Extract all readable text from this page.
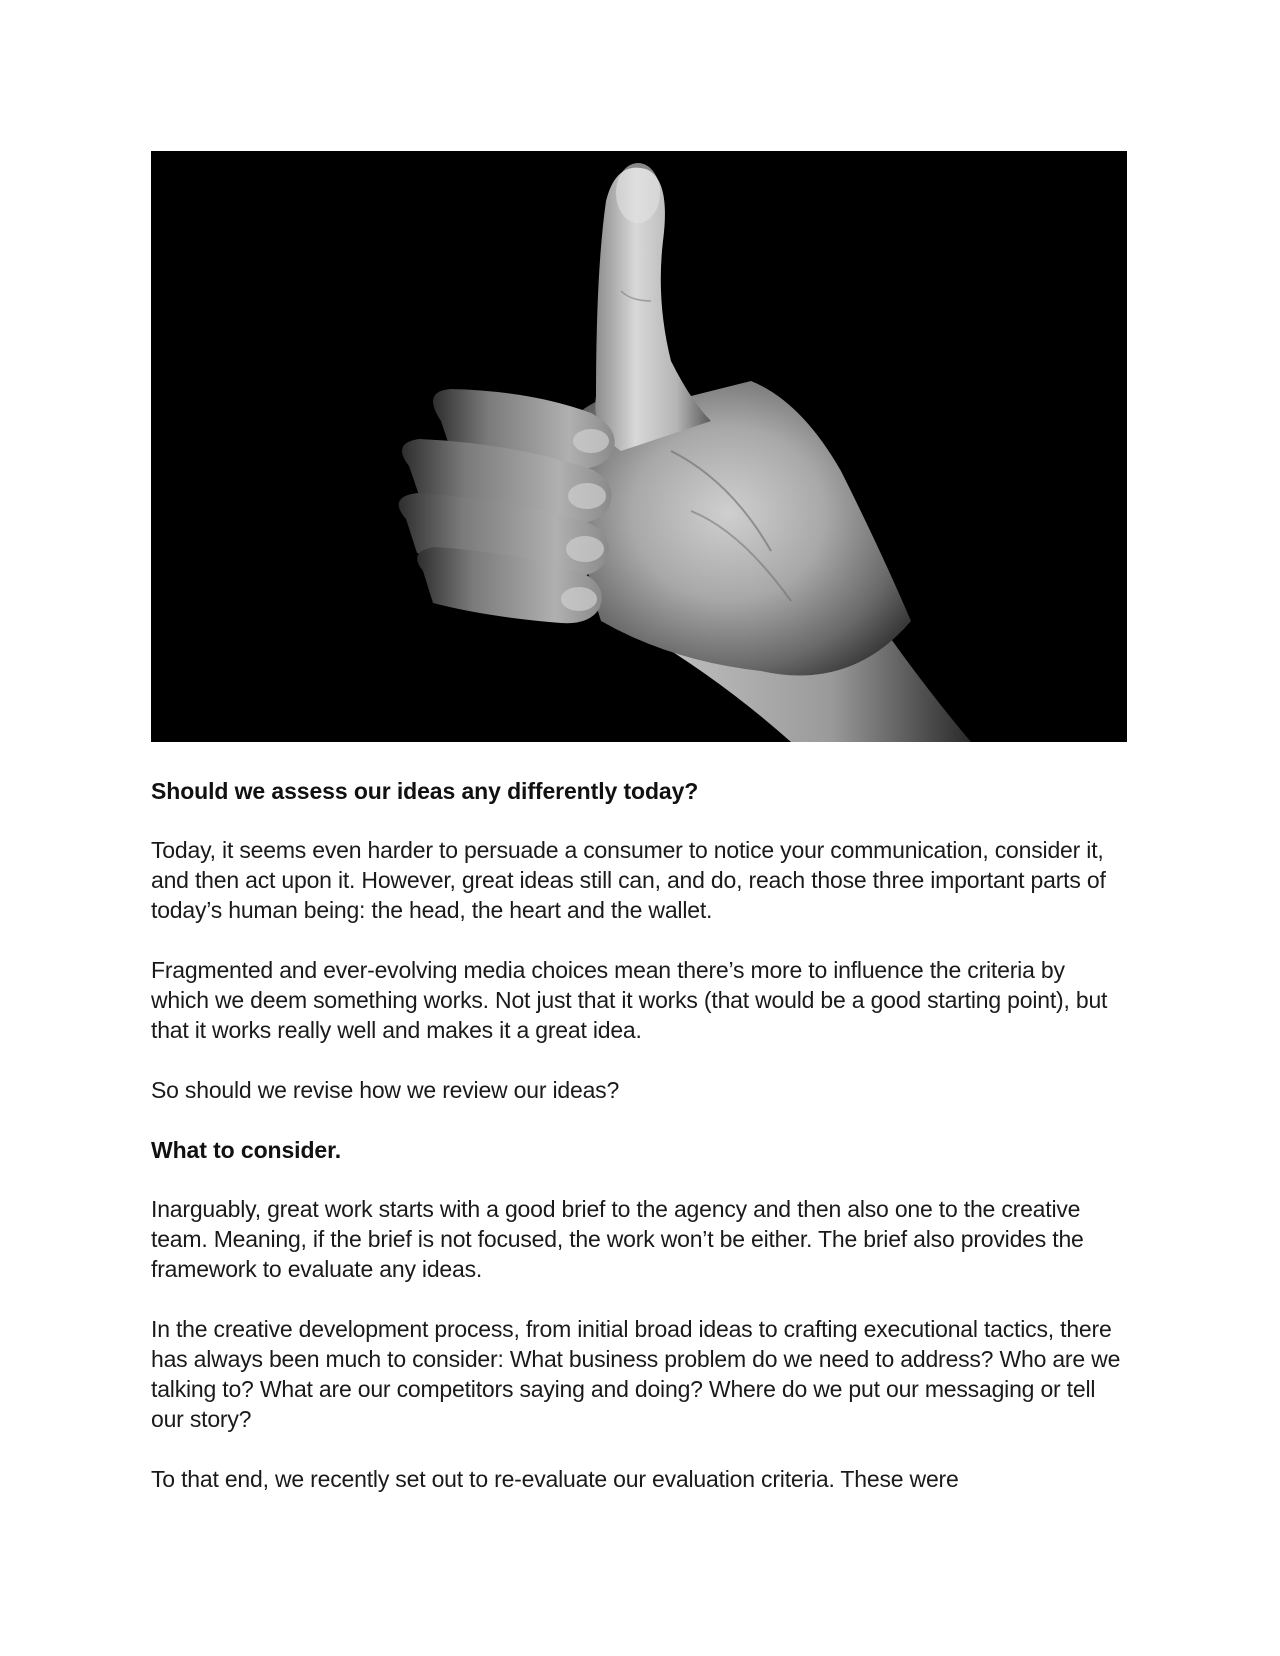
Should we assess our ideas any differently today?

Today, it seems even harder to persuade a consumer to notice your communication, consider it, and then act upon it. However, great ideas still can, and do, reach those three important parts of today’s human being: the head, the heart and the wallet.

Fragmented and ever-evolving media choices mean there’s more to influence the criteria by which we deem something works. Not just that it works (that would be a good starting point), but that it works really well and makes it a great idea.

So should we revise how we review our ideas?

What to consider.

Inarguably, great work starts with a good brief to the agency and then also one to the creative team. Meaning, if the brief is not focused, the work won’t be either. The brief also provides the framework to evaluate any ideas.

In the creative development process, from initial broad ideas to crafting executional tactics, there has always been much to consider: What business problem do we need to address? Who are we talking to? What are our competitors saying and doing? Where do we put our messaging or tell our story?

To that end, we recently set out to re-evaluate our evaluation criteria. These were
